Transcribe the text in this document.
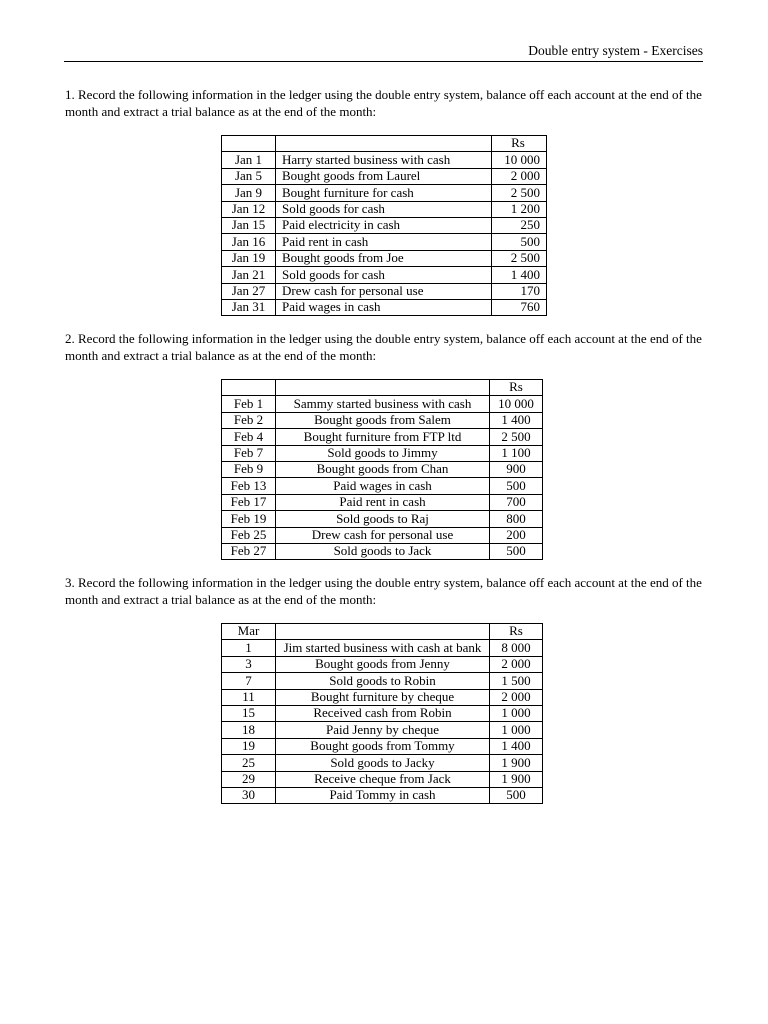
Double entry system - Exercises

1. Record the following information in the ledger using the double entry system, balance off each account at the end of the month and extract a trial balance as at the end of the month:

		Rs
Jan 1	Harry started business with cash	10 000
Jan 5	Bought goods from Laurel	2 000
Jan 9	Bought furniture for cash	2 500
Jan 12	Sold goods for cash	1 200
Jan 15	Paid electricity in cash	250
Jan 16	Paid rent in cash	500
Jan 19	Bought goods from Joe	2 500
Jan 21	Sold goods for cash	1 400
Jan 27	Drew cash for personal use	170
Jan 31	Paid wages in cash	760

2. Record the following information in the ledger using the double entry system, balance off each account at the end of the month and extract a trial balance as at the end of the month:

		Rs
Feb 1	Sammy started business with cash	10 000
Feb 2	Bought goods from Salem	1 400
Feb 4	Bought furniture from FTP ltd	2 500
Feb 7	Sold goods to Jimmy	1 100
Feb 9	Bought goods from Chan	900
Feb 13	Paid wages in cash	500
Feb 17	Paid rent in cash	700
Feb 19	Sold goods to Raj	800
Feb 25	Drew cash for personal use	200
Feb 27	Sold goods to Jack	500

3. Record the following information in the ledger using the double entry system, balance off each account at the end of the month and extract a trial balance as at the end of the month:

Mar		Rs
1	Jim started business with cash at bank	8 000
3	Bought goods from Jenny	2 000
7	Sold goods to Robin	1 500
11	Bought furniture by cheque	2 000
15	Received cash from Robin	1 000
18	Paid Jenny by cheque	1 000
19	Bought goods from Tommy	1 400
25	Sold goods to Jacky	1 900
29	Receive cheque from Jack	1 900
30	Paid Tommy in cash	500
